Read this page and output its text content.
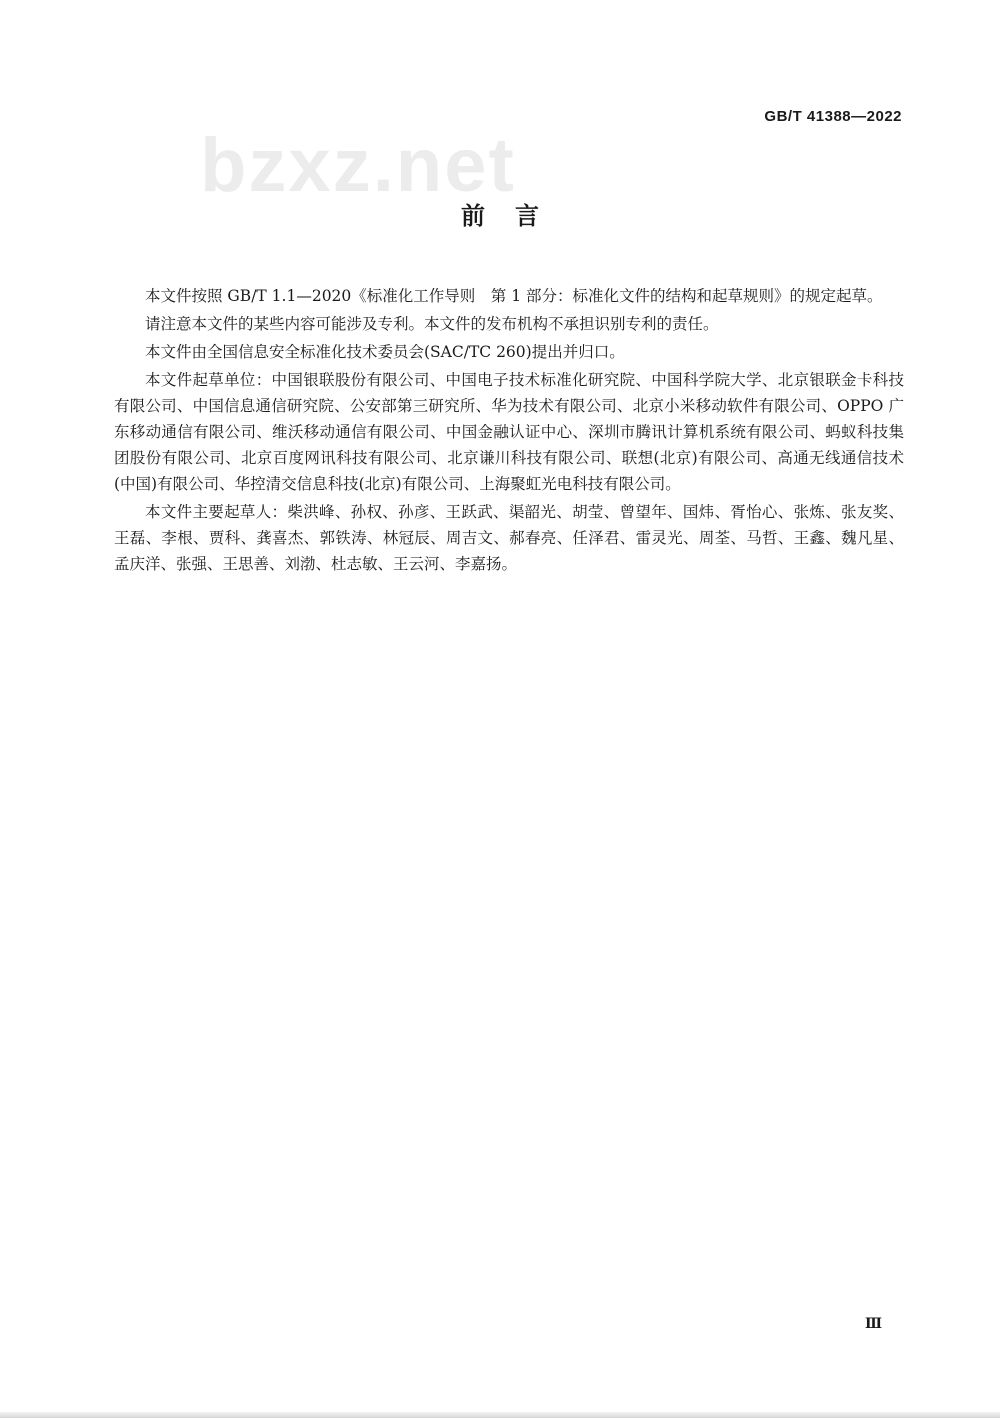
bzxz.net
GB/T 41388—2022
前言

本文件按照 GB/T 1.1—2020《标准化工作导则　第 1 部分：标准化文件的结构和起草规则》的规定起草。

请注意本文件的某些内容可能涉及专利。本文件的发布机构不承担识别专利的责任。

本文件由全国信息安全标准化技术委员会(SAC/TC 260)提出并归口。

本文件起草单位：中国银联股份有限公司、中国电子技术标准化研究院、中国科学院大学、北京银联金卡科技有限公司、中国信息通信研究院、公安部第三研究所、华为技术有限公司、北京小米移动软件有限公司、OPPO 广东移动通信有限公司、维沃移动通信有限公司、中国金融认证中心、深圳市腾讯计算机系统有限公司、蚂蚁科技集团股份有限公司、北京百度网讯科技有限公司、北京谦川科技有限公司、联想(北京)有限公司、高通无线通信技术(中国)有限公司、华控清交信息科技(北京)有限公司、上海聚虹光电科技有限公司。

本文件主要起草人：柴洪峰、孙权、孙彦、王跃武、渠韶光、胡莹、曾望年、国炜、胥怡心、张炼、张友奖、王磊、李根、贾科、龚喜杰、郭铁涛、林冠辰、周吉文、郝春亮、任泽君、雷灵光、周荃、马哲、王鑫、魏凡星、孟庆洋、张强、王思善、刘渤、杜志敏、王云河、李嘉扬。

Ⅲ
